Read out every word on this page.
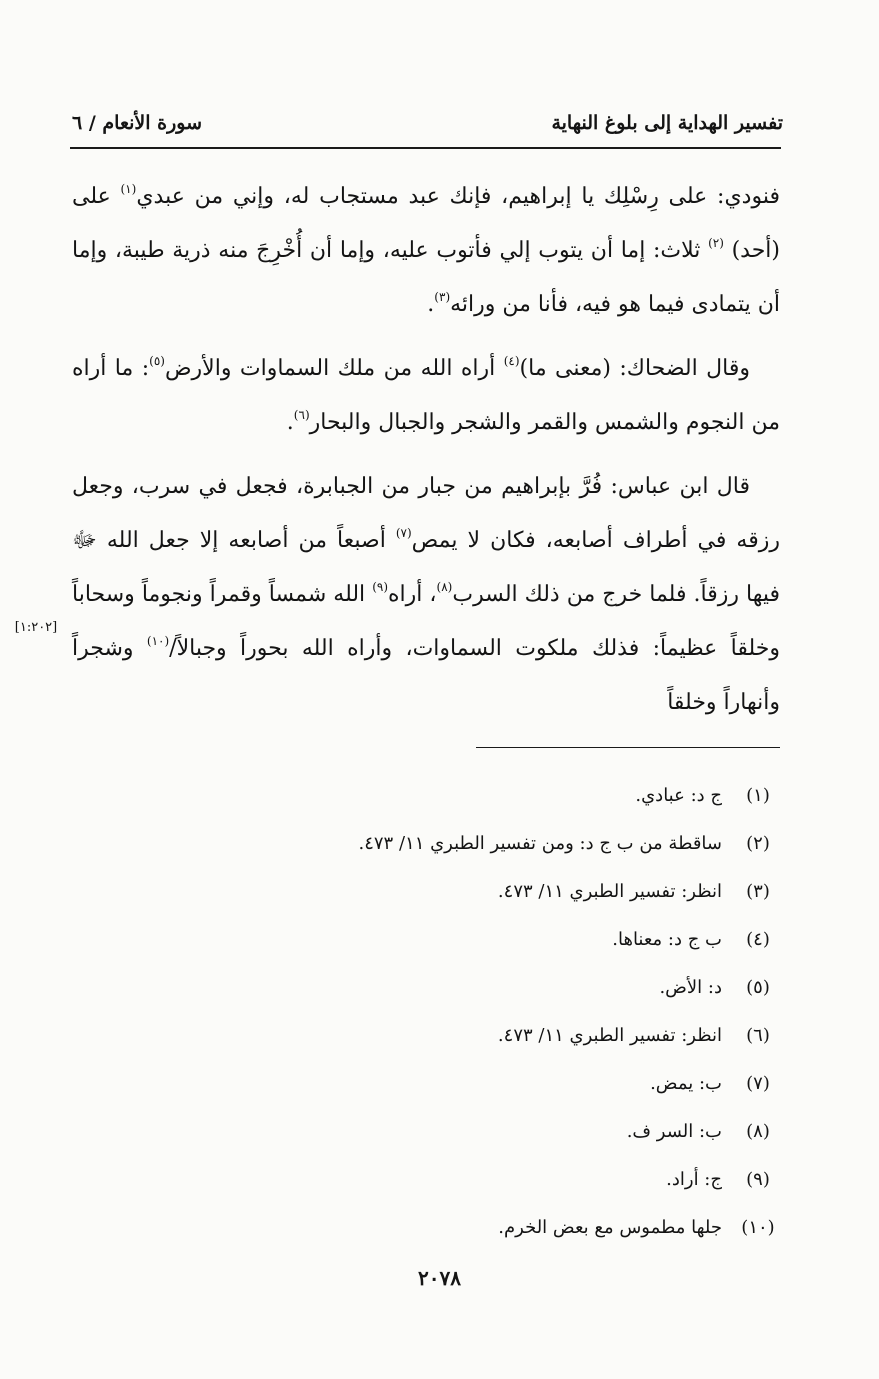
تفسير الهداية إلى بلوغ النهاية
سورة الأنعام / ٦

فنودي: على رِسْلِك يا إبراهيم، فإنك عبد مستجاب له، وإني من عبدي$^{(١)}$ على (أحد) $^{(٢)}$ ثلاث: إما أن يتوب إلي فأتوب عليه، وإما أن أُخْرِجَ منه ذرية طيبة، وإما أن يتمادى فيما هو فيه، فأنا من ورائه$^{(٣)}$.

وقال الضحاك: (معنى ما)$^{(٤)}$ أراه الله من ملك السماوات والأرض$^{(٥)}$: ما أراه من النجوم والشمس والقمر والشجر والجبال والبحار$^{(٦)}$.

قال ابن عباس: فُرَّ بإبراهيم من جبار من الجبابرة، فجعل في سرب، وجعل رزقه في أطراف أصابعه، فكان لا يمص$^{(٧)}$ أصبعاً من أصابعه إلا جعل الله ﷻ فيها رزقاً. فلما خرج من ذلك السرب$^{(٨)}$، أراه$^{(٩)}$ الله شمساً وقمراً ونجوماً وسحاباً وخلقاً عظيماً: فذلك ملكوت السماوات، وأراه الله بحوراً وجبالاً/$^{(١٠)}$ وشجراً وأنهاراً وخلقاً

[١:٢٠٢]
(١)
ج د: عبادي.
(٢)
ساقطة من ب ج د: ومن تفسير الطبري ١١/ ٤٧٣.
(٣)
انظر: تفسير الطبري ١١/ ٤٧٣.
(٤)
ب ج د: معناها.
(٥)
د: الأض.
(٦)
انظر: تفسير الطبري ١١/ ٤٧٣.
(٧)
ب: يمض.
(٨)
ب: السر ف.
(٩)
ج: أراد.
(١٠)
جلها مطموس مع بعض الخرم.
٢٠٧٨
